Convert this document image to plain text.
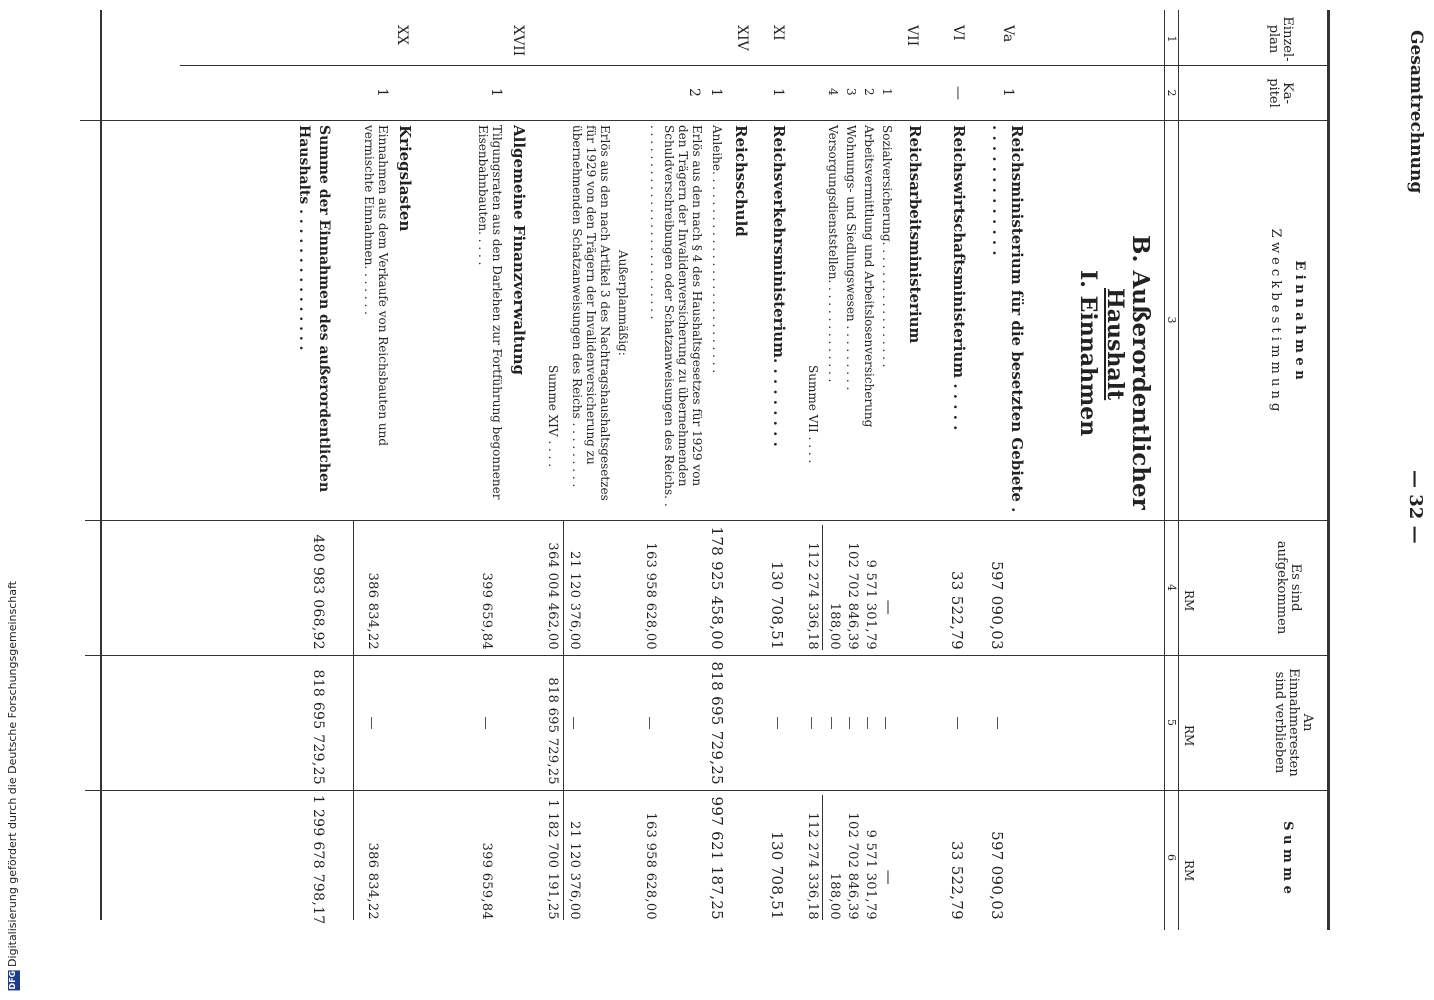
Gesamtrechnung
— 32 —
Einzel-
plan
Ka-
pitel
E i n n a h m e n
Z w e c k b e s t i m m u n g
Es sind
aufgekommen
An
Einnahmeresten
sind verblieben
S u m m e
RM
RM
RM
1
2
3
4
5
6
B. Außerordentlicher
Haushalt
I. Einnahmen
Va
1
Reichsministerium für die besetzten Gebiete . . . . . . . . . . . . . .
597 090,03
597 090,03
VI
—
Reichswirtschaftsministerium . . . . .
33 522,79
33 522,79
VII
Reichsarbeitsministerium
1
Sozialversicherung. . . . . . . . . . . . . . . . .
—
—
2
Arbeitsvermittlung und Arbeitslosenversicherung
9 571 301,79
9 571 301,79
3
Wohnungs- und Siedlungswesen . . . . . . . . .
102 702 846,39
102 702 846,39
4
Versorgungsdienststellen. . . . . . . . . . . . . .
188,00
188,00
Summe VII . . . .
112 274 336,18
112 274 336,18
XI
1
Reichsverkehrsministerium. . . . . . . . .
130 708,51
130 708,51
XIV
Reichsschuld
1
Anleihe. . . . . . . . . . . . . . . . . . . . . . . . . . .
178 925 458,00
818 695 729,25
997 621 187,25
2
Erlös aus den nach § 4 des Haushaltsgesetzes für 1929 von den Trägern der Invalidenversicherung zu übernehmenden Schuldverschreibungen oder Schatzanweisungen des Reichs. . . . . . . . . . . . . . . . . . . . . . . . . . . .
163 958 628,00
163 958 628,00
Außerplanmäßig:
Erlös aus den nach Artikel 3 des Nachtragshaushaltsgesetzes für 1929 von den Trägern der Invalidenversicherung zu übernehmenden Schatzanweisungen des Reichs . . . . . . . . .
21 120 376,00
21 120 376,00
Summe XIV . . . .
364 004 462,00
818 695 729,25
1 182 700 191,25
XVII
Allgemeine Finanzverwaltung
1
Tilgungsraten aus den Darlehen zur Fortführung begonnener Eisenbahnbauten. . . . .
399 659,84
399 659,84
XX
Kriegslasten
1
Einnahmen aus dem Verkaufe von Reichsbauten und vermischte Einnahmen. . . . . . .
386 834,22
386 834,22
Summe der Einnahmen des außerordentlichen Haushalts . . . . . . . . . . . . . . .
480 983 068,92
818 695 729,25
1 299 678 798,17
DFG Digitalisierung gefördert durch die Deutsche Forschungsgemeinschaft
